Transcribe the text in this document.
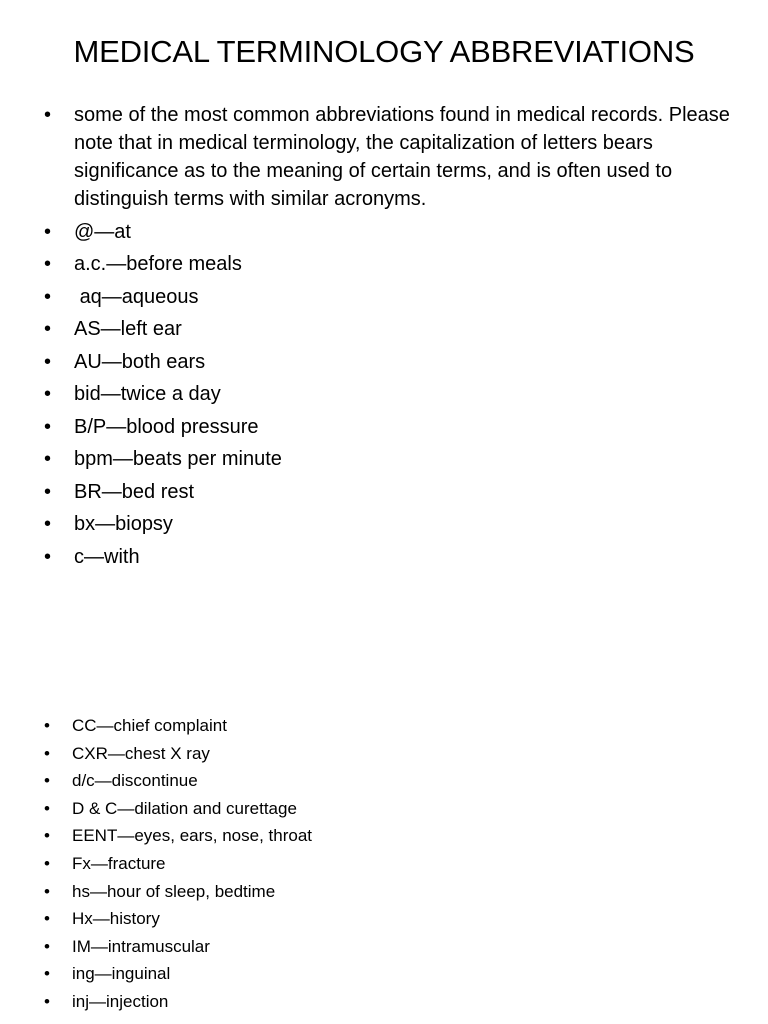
MEDICAL TERMINOLOGY ABBREVIATIONS
• some of the most common abbreviations found in medical records. Please note that in medical terminology, the capitalization of letters bears significance as to the meaning of certain terms, and is often used to distinguish terms with similar acronyms.
• @—at
• a.c.—before meals
• aq—aqueous
• AS—left ear
• AU—both ears
• bid—twice a day
• B/P—blood pressure
• bpm—beats per minute
• BR—bed rest
• bx—biopsy
• c—with
• CC—chief complaint
• CXR—chest X ray
• d/c—discontinue
• D & C—dilation and curettage
• EENT—eyes, ears, nose, throat
• Fx—fracture
• hs—hour of sleep, bedtime
• Hx—history
• IM—intramuscular
• ing—inguinal
• inj—injection
